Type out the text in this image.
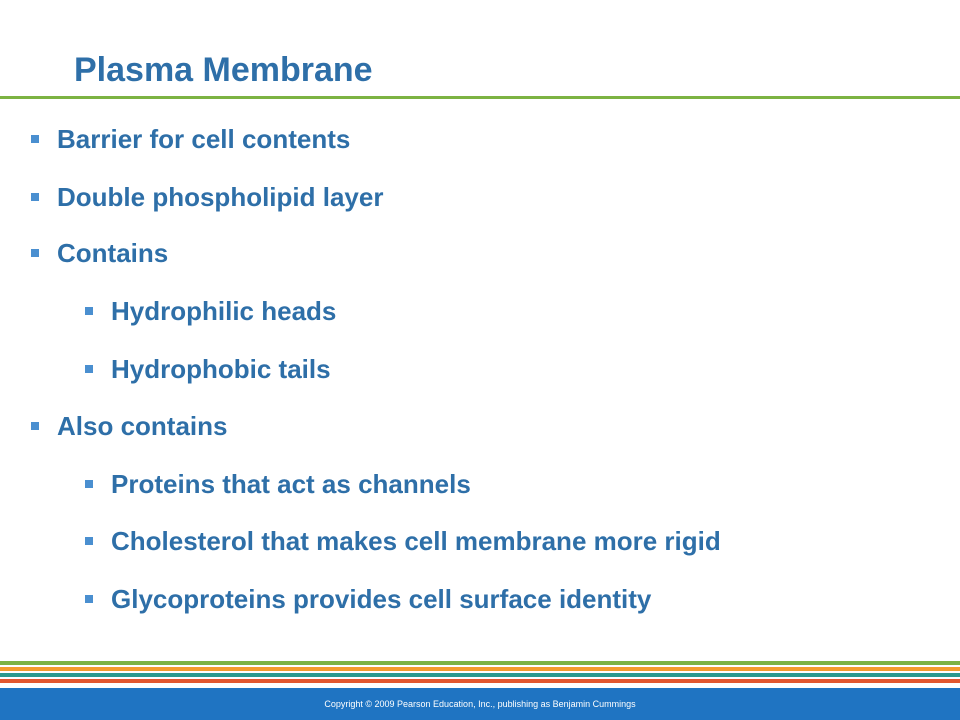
Plasma Membrane
Barrier for cell contents
Double phospholipid layer
Contains
Hydrophilic heads
Hydrophobic tails
Also contains
Proteins that act as channels
Cholesterol that makes cell membrane more rigid
Glycoproteins provides cell surface identity
Copyright © 2009 Pearson Education, Inc., publishing as Benjamin Cummings
